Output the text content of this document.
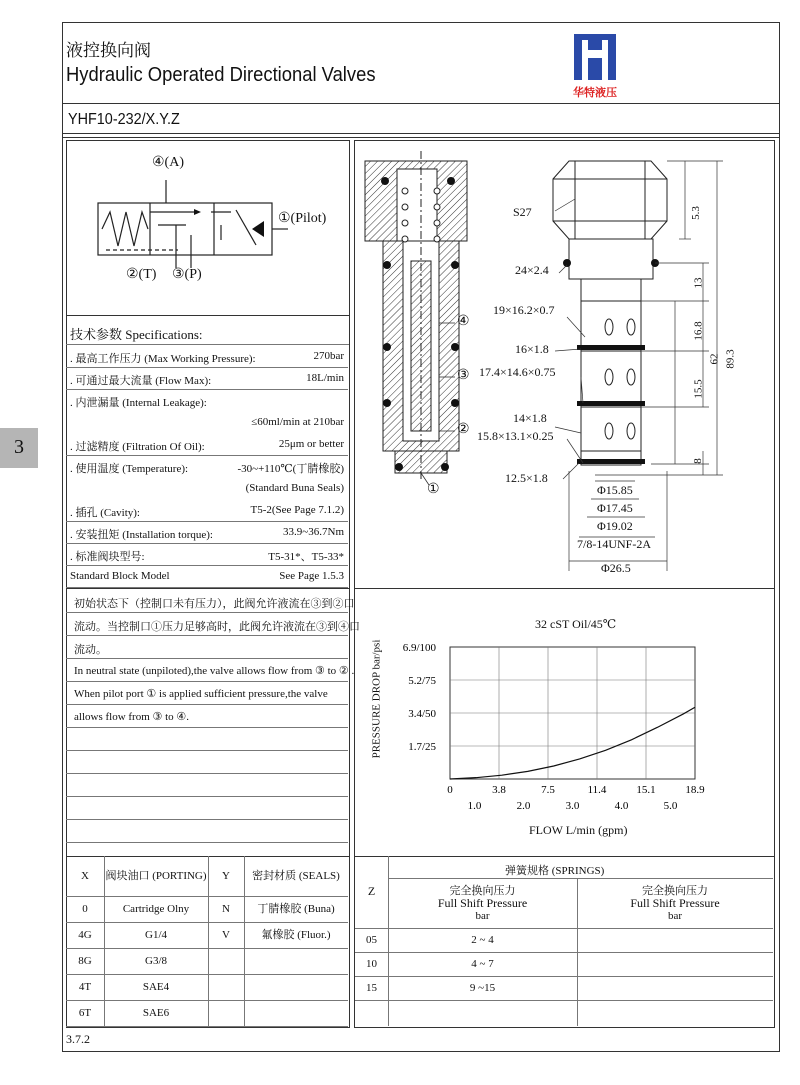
液控换向阀
Hydraulic Operated Directional Valves
华特液压
YHF10-232/X.Y.Z
3
④(A)
①(Pilot)
②(T) ③(P)
技术参数 Specifications:
. 最高工作压力 (Max Working Pressure):	270bar
. 可通过最大流量 (Flow Max):	18L/min
. 内泄漏量 (Internal Leakage):
≤60ml/min at 210bar
. 过滤精度 (Filtration Of Oil):	25μm or better
. 使用温度 (Temperature):	-30~+110℃(丁腈橡胶)
(Standard Buna Seals)
. 插孔 (Cavity):	T5-2(See Page 7.1.2)
. 安装扭矩 (Installation torque):	33.9~36.7Nm
. 标准阀块型号:	T5-31*、T5-33*
Standard Block Model	See Page 1.5.3
初始状态下（控制口未有压力），此阀允许液流在③到②口
流动。当控制口①压力足够高时，此阀允许液流在③到④口
流动。
In neutral state (unpiloted),the valve allows flow from ③ to ② .
When pilot port ① is applied sufficient pressure,the valve
allows flow from ③ to ④.
X	阀块油口 (PORTING)	Y	密封材质 (SEALS)
0	Cartridge Olny	N	丁腈橡胶 (Buna)
4G	G1/4	V	氟橡胶 (Fluor.)
8G	G3/8
4T	SAE4
6T	SAE6
3.7.2
④
③
②
①
S27
24×2.4
19×16.2×0.7
16×1.8
17.4×14.6×0.75
14×1.8
15.8×13.1×0.25
12.5×1.8
Φ15.85
Φ17.45
Φ19.02
7/8-14UNF-2A
Φ26.5
5.3
13
16.8
62 89.3
15.5
8
0	3.8	7.5	11.4	15.1	18.9
1.0	2.0	3.0	4.0	5.0
1.7/25
3.4/50
5.2/75
6.9/100
32 cST Oil/45℃
FLOW L/min (gpm)
PRESSURE DROP bar/psi
弹簧规格 (SPRINGS)
Z	完全换向压力
Full Shift Pressure
bar
完全换向压力
Full Shift Pressure
bar
05	2 ~ 4
10	4 ~ 7
15	9 ~15
